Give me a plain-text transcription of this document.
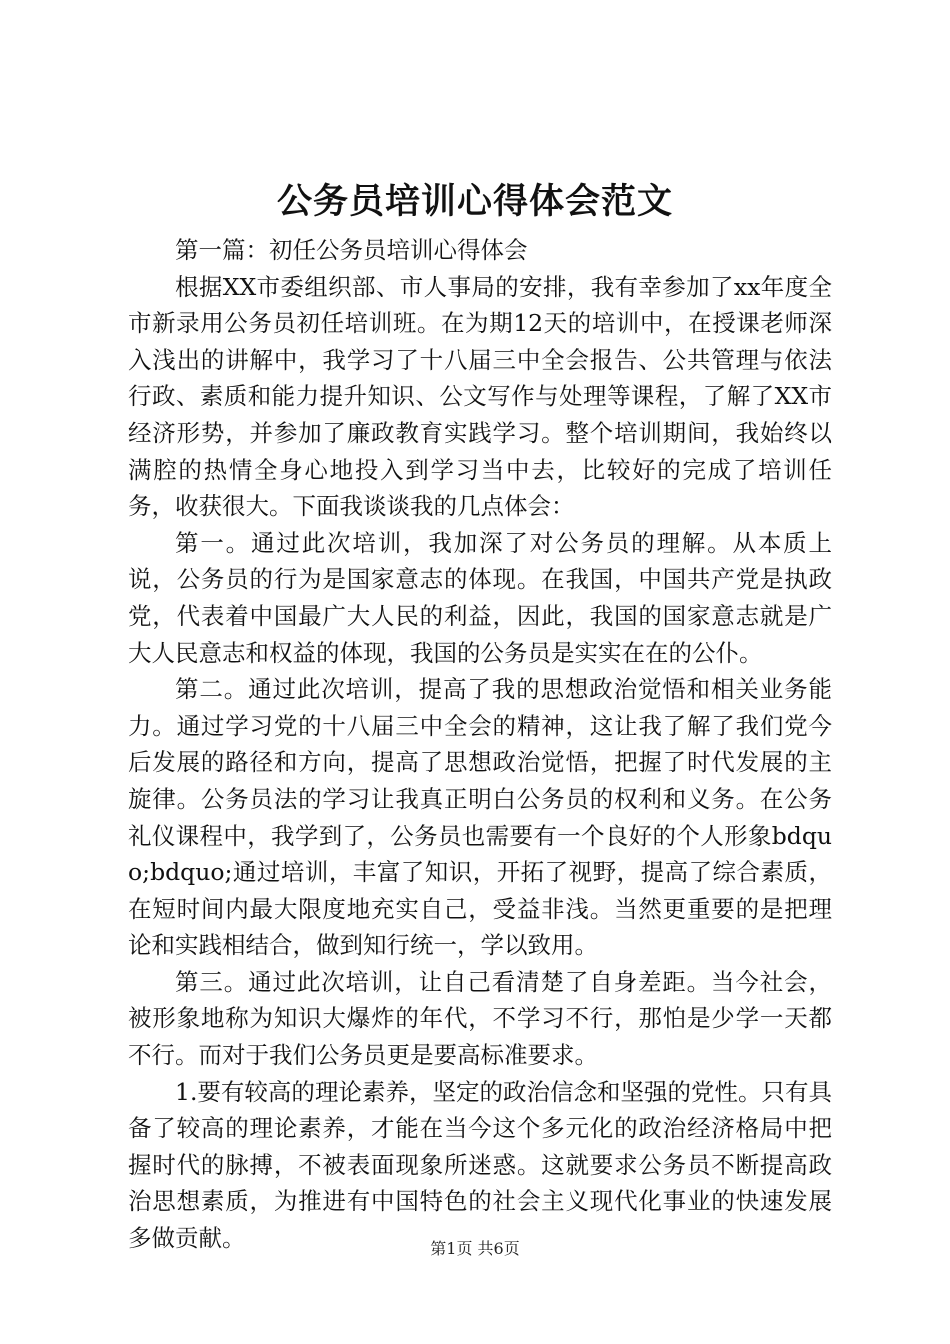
公务员培训心得体会范文

第一篇：初任公务员培训心得体会

根据XX市委组织部、市人事局的安排，我有幸参加了xx年度全市新录用公务员初任培训班。在为期12天的培训中，在授课老师深入浅出的讲解中，我学习了十八届三中全会报告、公共管理与依法行政、素质和能力提升知识、公文写作与处理等课程，了解了XX市经济形势，并参加了廉政教育实践学习。整个培训期间，我始终以满腔的热情全身心地投入到学习当中去，比较好的完成了培训任务，收获很大。下面我谈谈我的几点体会：

第一。通过此次培训，我加深了对公务员的理解。从本质上说，公务员的行为是国家意志的体现。在我国，中国共产党是执政党，代表着中国最广大人民的利益，因此，我国的国家意志就是广大人民意志和权益的体现，我国的公务员是实实在在的公仆。

第二。通过此次培训，提高了我的思想政治觉悟和相关业务能力。通过学习党的十八届三中全会的精神，这让我了解了我们党今后发展的路径和方向，提高了思想政治觉悟，把握了时代发展的主旋律。公务员法的学习让我真正明白公务员的权利和义务。在公务礼仪课程中，我学到了，公务员也需要有一个良好的个人形象bdquo;bdquo;通过培训，丰富了知识，开拓了视野，提高了综合素质，在短时间内最大限度地充实自己，受益非浅。当然更重要的是把理论和实践相结合，做到知行统一，学以致用。

第三。通过此次培训，让自己看清楚了自身差距。当今社会，被形象地称为知识大爆炸的年代，不学习不行，那怕是少学一天都不行。而对于我们公务员更是要高标准要求。

1.要有较高的理论素养，坚定的政治信念和坚强的党性。只有具备了较高的理论素养，才能在当今这个多元化的政治经济格局中把握时代的脉搏，不被表面现象所迷惑。这就要求公务员不断提高政治思想素质，为推进有中国特色的社会主义现代化事业的快速发展多做贡献。	第1页 共6页
